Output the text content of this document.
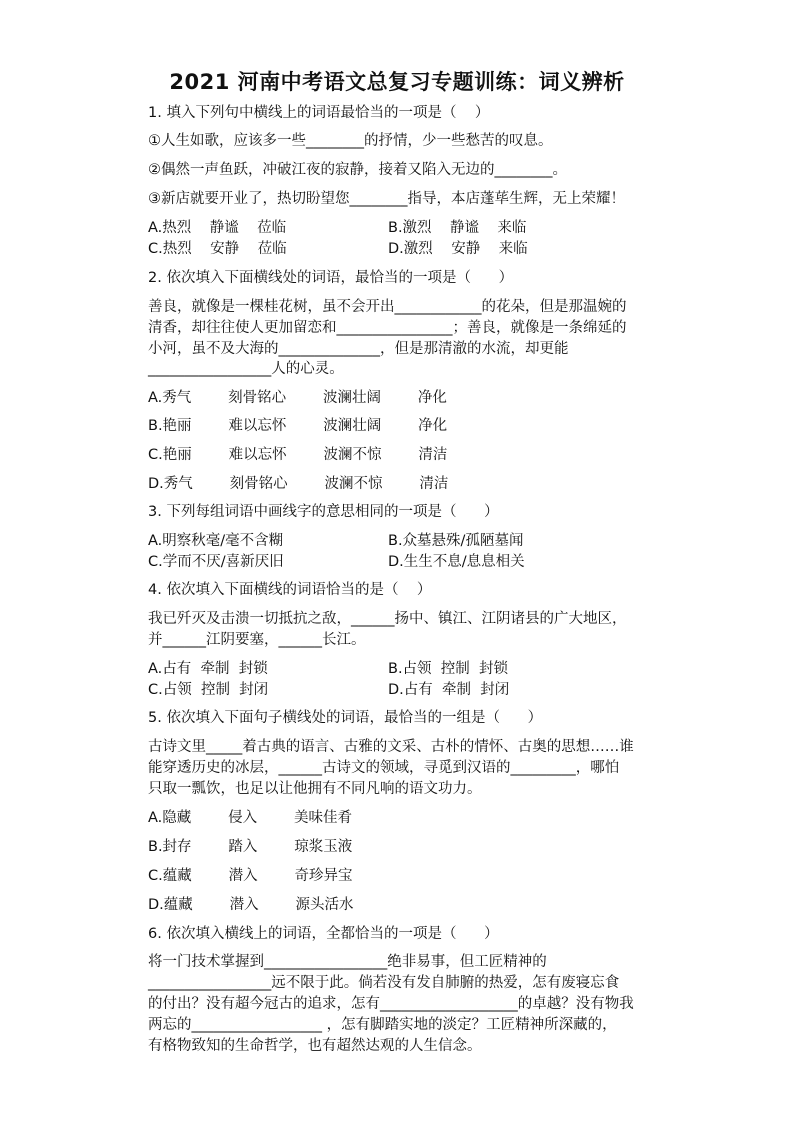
2021 河南中考语文总复习专题训练：词义辨析
1. 填入下列句中横线上的词语最恰当的一项是（    ）
①人生如歌，应该多一些________的抒情，少一些愁苦的叹息。
②偶然一声鱼跃，冲破江夜的寂静，接着又陷入无边的________。
③新店就要开业了，热切盼望您________指导，本店蓬荜生辉，无上荣耀！
A.热烈    静谧    莅临	B.激烈    静谧    来临
C.热烈    安静    莅临	D.激烈    安静    来临
2. 依次填入下面横线处的词语，最恰当的一项是（      ）
善良，就像是一棵桂花树，虽不会开出____________的花朵，但是那温婉的
清香，却往往使人更加留恋和________________；善良，就像是一条绵延的
小河，虽不及大海的______________，但是那清澈的水流，却更能
_________________人的心灵。
A.秀气        刻骨铭心        波澜壮阔        净化
B.艳丽        难以忘怀        波澜壮阔        净化
C.艳丽        难以忘怀        波澜不惊        清洁
D.秀气        刻骨铭心        波澜不惊        清洁
3. 下列每组词语中画线字的意思相同的一项是（      ）
A.明察秋毫/毫不含糊	B.众墓悬殊/孤陋墓闻
C.学而不厌/喜新厌旧	D.生生不息/息息相关
4. 依次填入下面横线的词语恰当的是（    ）
我已歼灭及击溃一切抵抗之敌，______扬中、镇江、江阴诸县的广大地区，
并______江阴要塞，______长江。
A.占有  牵制  封锁	B.占领  控制  封锁
C.占领  控制  封闭	D.占有  牵制  封闭
5. 依次填入下面句子横线处的词语，最恰当的一组是（      ）
古诗文里_____着古典的语言、古雅的文采、古朴的情怀、古奥的思想……谁
能穿透历史的冰层，______古诗文的领域，寻觅到汉语的_________，哪怕
只取一瓢饮，也足以让他拥有不同凡响的语文功力。
A.隐藏        侵入        美味佳肴
B.封存        踏入        琼浆玉液
C.蕴藏        潜入        奇珍异宝
D.蕴藏        潜入        源头活水
6. 依次填入横线上的词语，全都恰当的一项是（      ）
将一门技术掌握到_________________绝非易事，但工匠精神的
_________________远不限于此。倘若没有发自肺腑的热爱，怎有废寝忘食
的付出？没有超今冠古的追求，怎有___________________的卓越？没有物我
两忘的__________________ ，怎有脚踏实地的淡定？工匠精神所深藏的，
有格物致知的生命哲学，也有超然达观的人生信念。
